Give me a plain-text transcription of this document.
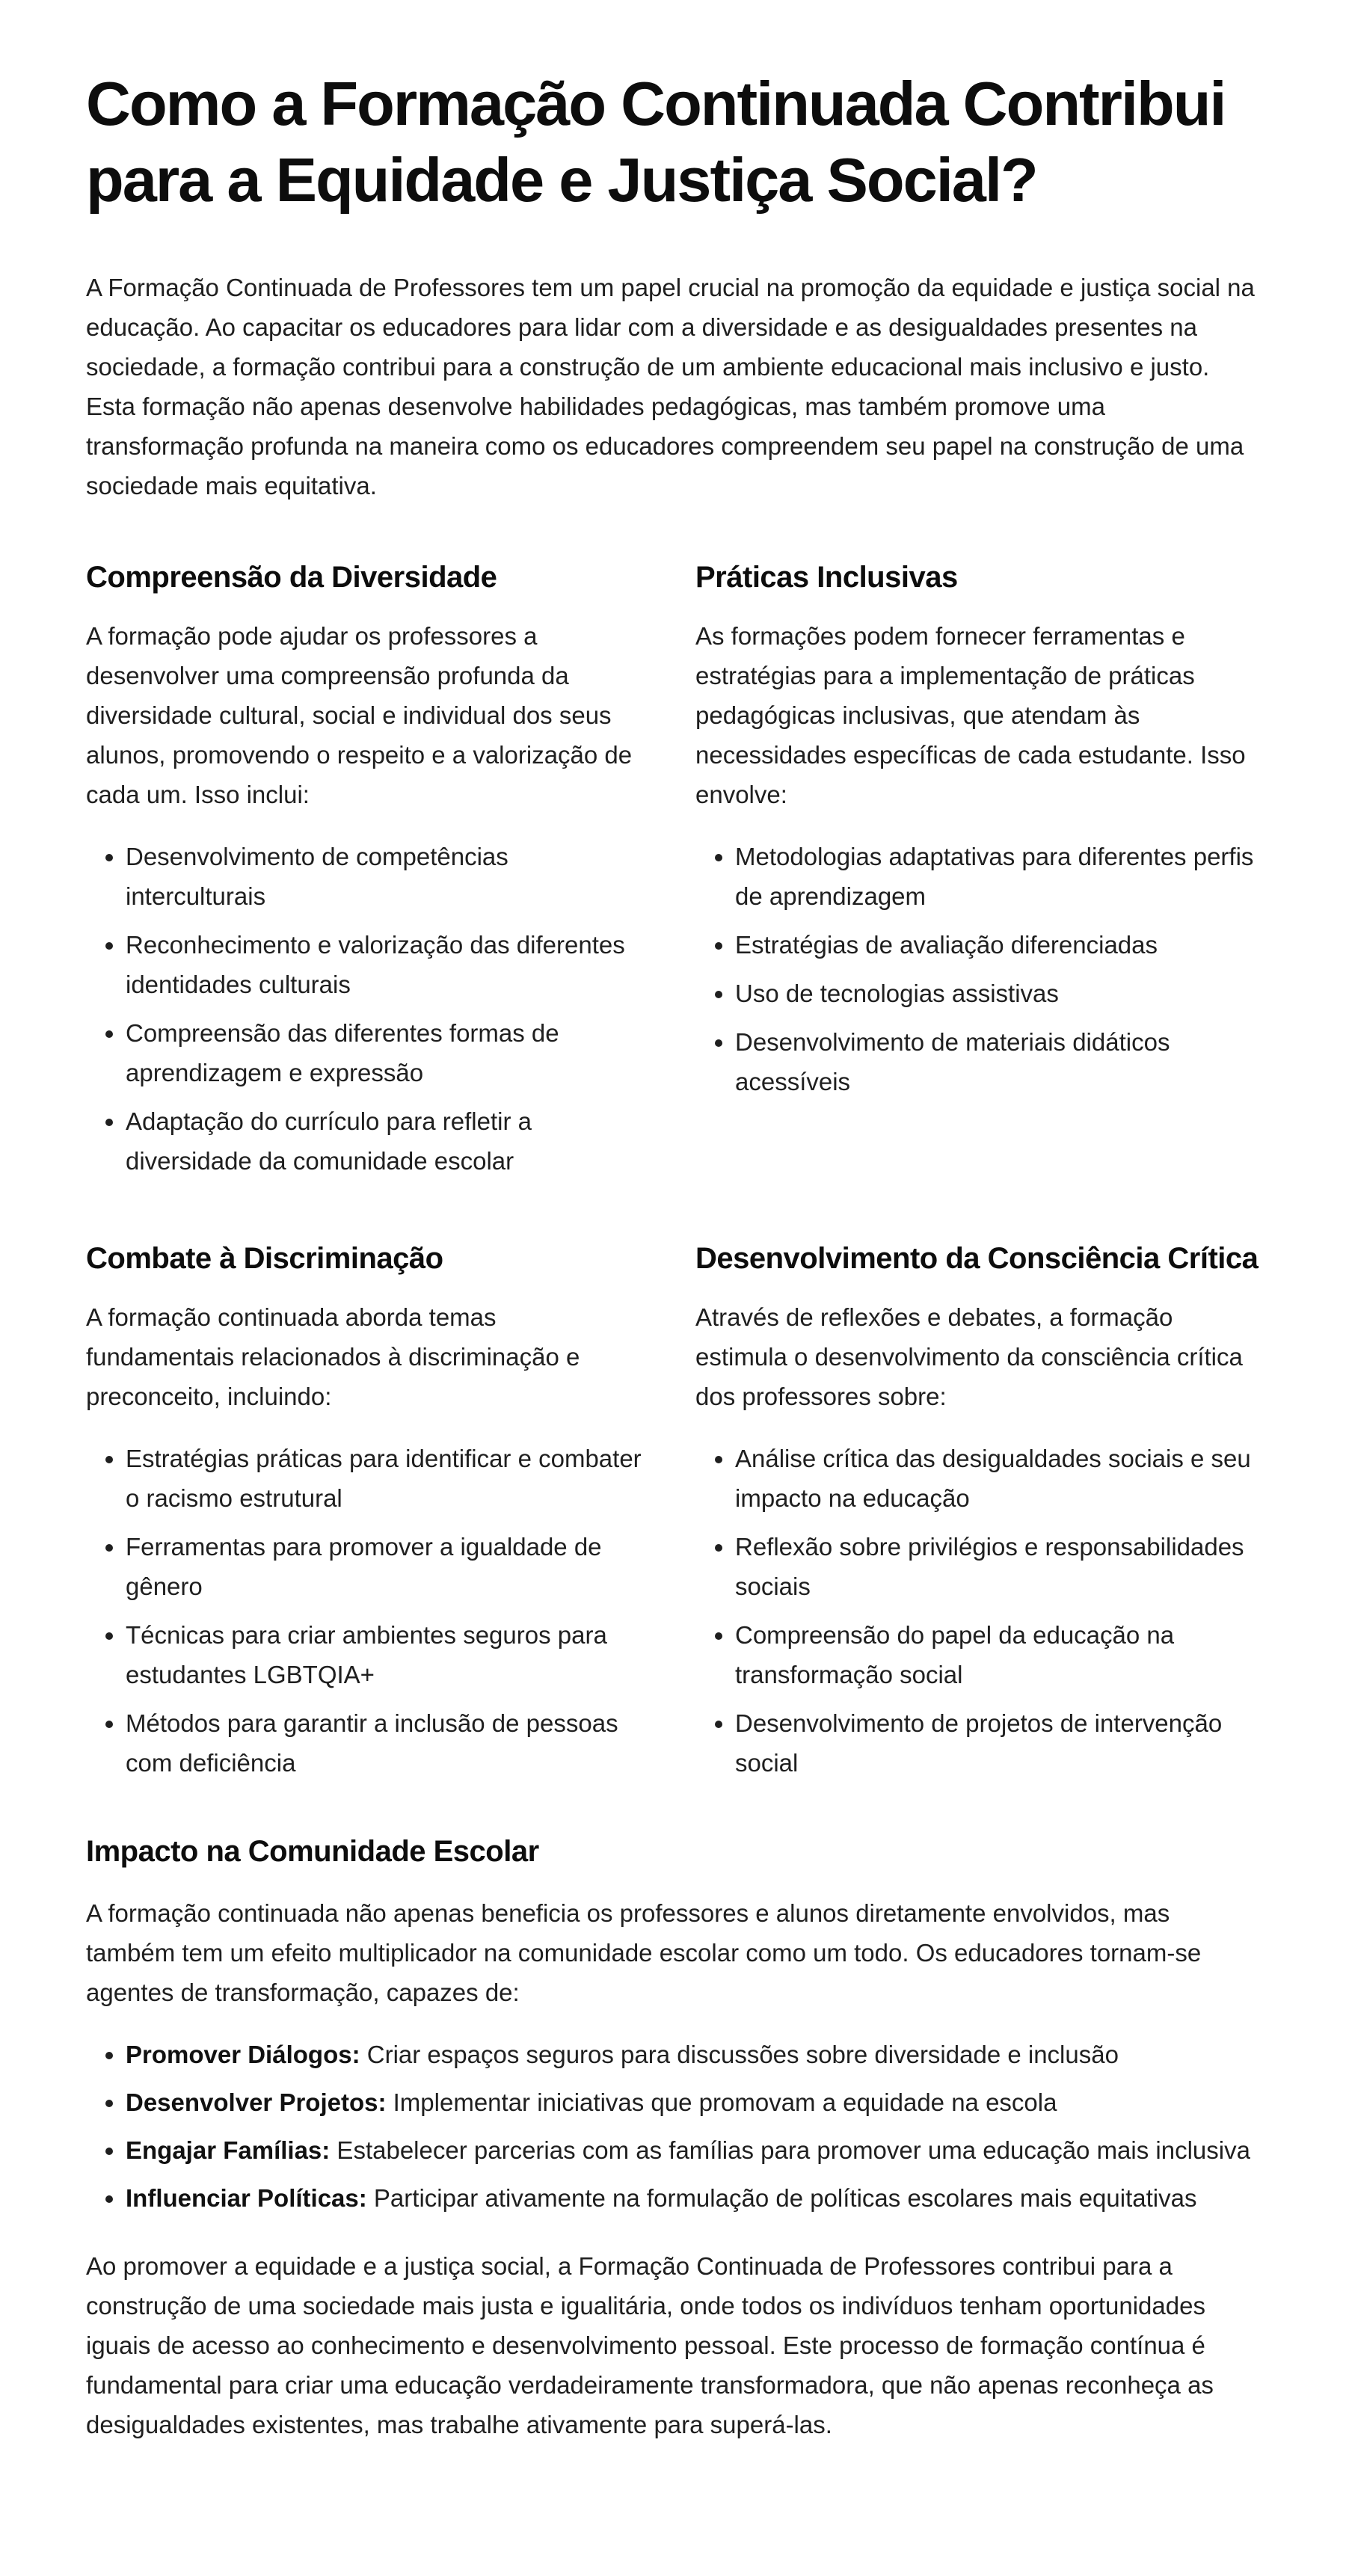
Como a Formação Continuada Contribui para a Equidade e Justiça Social?

A Formação Continuada de Professores tem um papel crucial na promoção da equidade e justiça social na educação. Ao capacitar os educadores para lidar com a diversidade e as desigualdades presentes na sociedade, a formação contribui para a construção de um ambiente educacional mais inclusivo e justo. Esta formação não apenas desenvolve habilidades pedagógicas, mas também promove uma transformação profunda na maneira como os educadores compreendem seu papel na construção de uma sociedade mais equitativa.

Compreensão da Diversidade

A formação pode ajudar os professores a desenvolver uma compreensão profunda da diversidade cultural, social e individual dos seus alunos, promovendo o respeito e a valorização de cada um. Isso inclui:

• Desenvolvimento de competências interculturais
• Reconhecimento e valorização das diferentes identidades culturais
• Compreensão das diferentes formas de aprendizagem e expressão
• Adaptação do currículo para refletir a diversidade da comunidade escolar
Práticas Inclusivas

As formações podem fornecer ferramentas e estratégias para a implementação de práticas pedagógicas inclusivas, que atendam às necessidades específicas de cada estudante. Isso envolve:

• Metodologias adaptativas para diferentes perfis de aprendizagem
• Estratégias de avaliação diferenciadas
• Uso de tecnologias assistivas
• Desenvolvimento de materiais didáticos acessíveis
Combate à Discriminação

A formação continuada aborda temas fundamentais relacionados à discriminação e preconceito, incluindo:

• Estratégias práticas para identificar e combater o racismo estrutural
• Ferramentas para promover a igualdade de gênero
• Técnicas para criar ambientes seguros para estudantes LGBTQIA+
• Métodos para garantir a inclusão de pessoas com deficiência
Desenvolvimento da Consciência Crítica

Através de reflexões e debates, a formação estimula o desenvolvimento da consciência crítica dos professores sobre:

• Análise crítica das desigualdades sociais e seu impacto na educação
• Reflexão sobre privilégios e responsabilidades sociais
• Compreensão do papel da educação na transformação social
• Desenvolvimento de projetos de intervenção social
Impacto na Comunidade Escolar

A formação continuada não apenas beneficia os professores e alunos diretamente envolvidos, mas também tem um efeito multiplicador na comunidade escolar como um todo. Os educadores tornam-se agentes de transformação, capazes de:

• Promover Diálogos: Criar espaços seguros para discussões sobre diversidade e inclusão
• Desenvolver Projetos: Implementar iniciativas que promovam a equidade na escola
• Engajar Famílias: Estabelecer parcerias com as famílias para promover uma educação mais inclusiva
• Influenciar Políticas: Participar ativamente na formulação de políticas escolares mais equitativas

Ao promover a equidade e a justiça social, a Formação Continuada de Professores contribui para a construção de uma sociedade mais justa e igualitária, onde todos os indivíduos tenham oportunidades iguais de acesso ao conhecimento e desenvolvimento pessoal. Este processo de formação contínua é fundamental para criar uma educação verdadeiramente transformadora, que não apenas reconheça as desigualdades existentes, mas trabalhe ativamente para superá-las.
